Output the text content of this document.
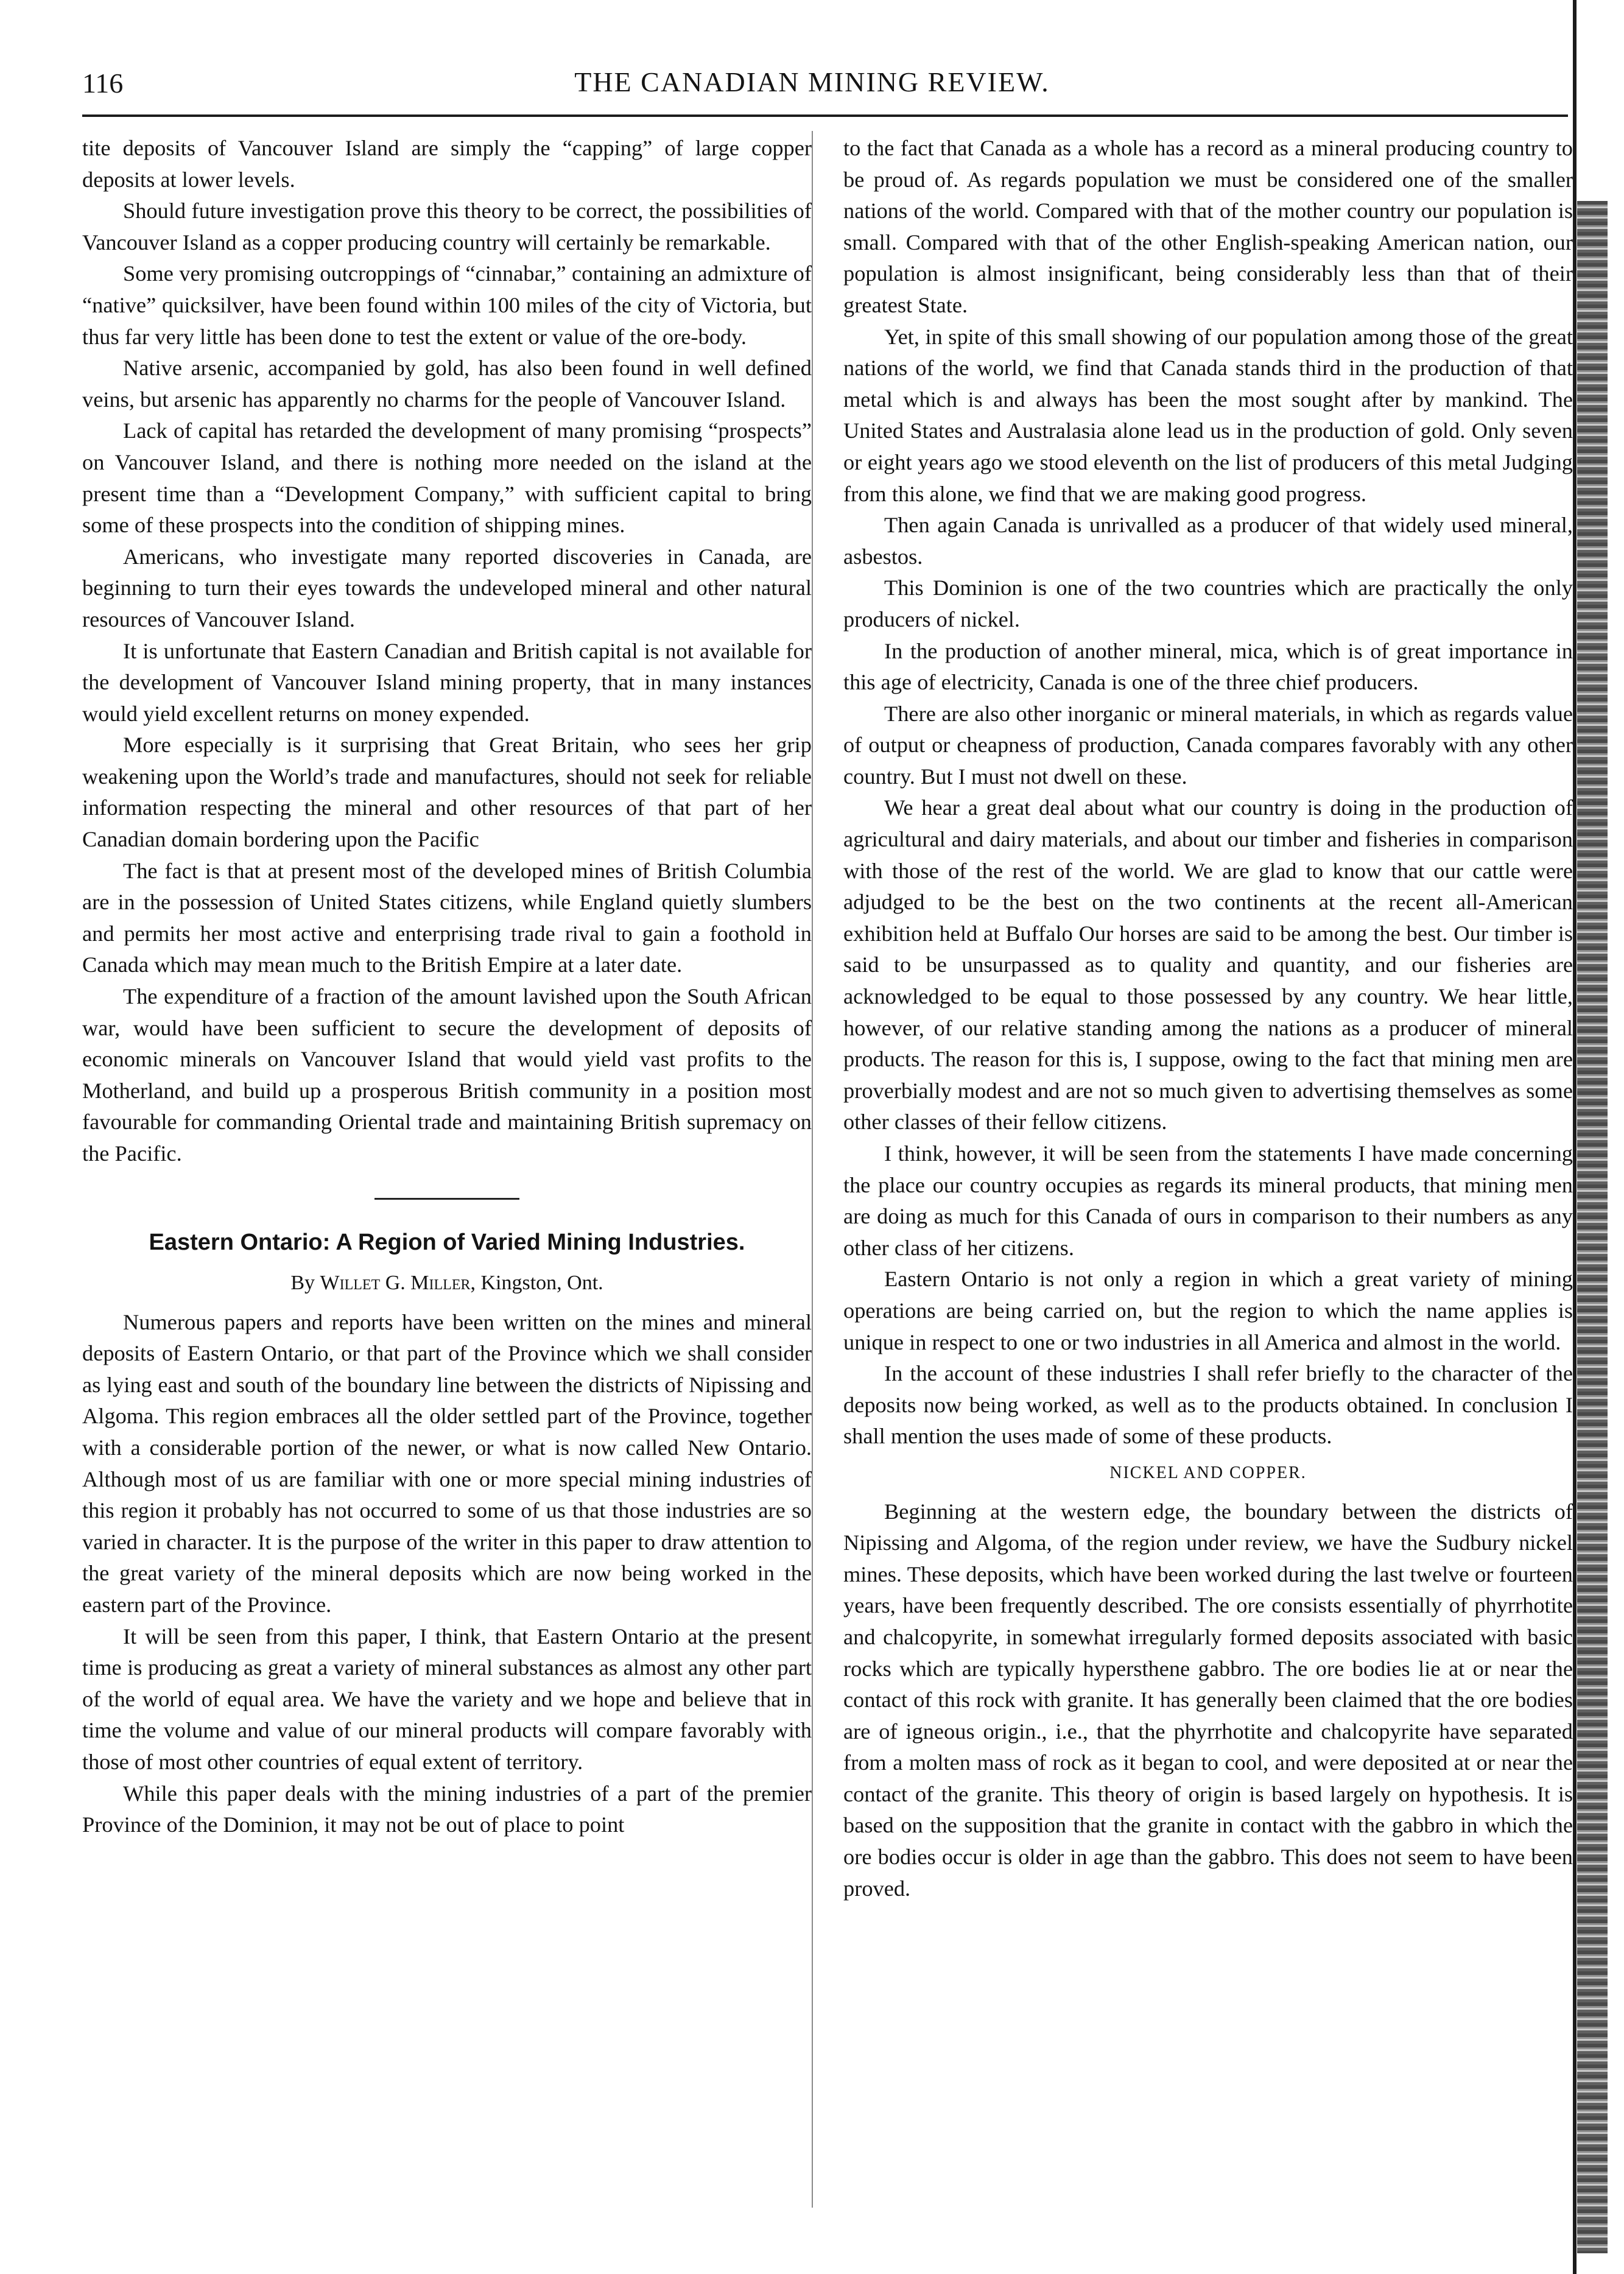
116	THE CANADIAN MINING REVIEW.

tite deposits of Vancouver Island are simply the “capping” of large copper deposits at lower levels.

Should future investigation prove this theory to be correct, the possibilities of Vancouver Island as a copper producing country will certainly be remarkable.

Some very promising outcroppings of “cinnabar,” containing an admixture of “native” quicksilver, have been found within 100 miles of the city of Victoria, but thus far very little has been done to test the extent or value of the ore-body.

Native arsenic, accompanied by gold, has also been found in well defined veins, but arsenic has apparently no charms for the people of Vancouver Island.

Lack of capital has retarded the development of many promising “prospects” on Vancouver Island, and there is nothing more needed on the island at the present time than a “Development Company,” with sufficient capital to bring some of these prospects into the condition of shipping mines.

Americans, who investigate many reported discoveries in Canada, are beginning to turn their eyes towards the undeveloped mineral and other natural resources of Vancouver Island.

It is unfortunate that Eastern Canadian and British capital is not available for the development of Vancouver Island mining property, that in many instances would yield excellent returns on money expended.

More especially is it surprising that Great Britain, who sees her grip weakening upon the World’s trade and manufactures, should not seek for reliable information respecting the mineral and other resources of that part of her Canadian domain bordering upon the Pacific

The fact is that at present most of the developed mines of British Columbia are in the possession of United States citizens, while England quietly slumbers and permits her most active and enterprising trade rival to gain a foothold in Canada which may mean much to the British Empire at a later date.

The expenditure of a fraction of the amount lavished upon the South African war, would have been sufficient to secure the development of deposits of economic minerals on Vancouver Island that would yield vast profits to the Motherland, and build up a prosperous British community in a position most favourable for commanding Oriental trade and maintaining British supremacy on the Pacific.

Eastern Ontario: A Region of Varied Mining Industries.
By Willet G. Miller, Kingston, Ont.

Numerous papers and reports have been written on the mines and mineral deposits of Eastern Ontario, or that part of the Province which we shall consider as lying east and south of the boundary line between the districts of Nipissing and Algoma. This region embraces all the older settled part of the Province, together with a considerable portion of the newer, or what is now called New Ontario. Although most of us are familiar with one or more special mining industries of this region it probably has not occurred to some of us that those industries are so varied in character. It is the purpose of the writer in this paper to draw attention to the great variety of the mineral deposits which are now being worked in the eastern part of the Province.

It will be seen from this paper, I think, that Eastern Ontario at the present time is producing as great a variety of mineral substances as almost any other part of the world of equal area. We have the variety and we hope and believe that in time the volume and value of our mineral products will compare favorably with those of most other countries of equal extent of territory.

While this paper deals with the mining industries of a part of the premier Province of the Dominion, it may not be out of place to point

to the fact that Canada as a whole has a record as a mineral producing country to be proud of. As regards population we must be considered one of the smaller nations of the world. Compared with that of the mother country our population is small. Compared with that of the other English-speaking American nation, our population is almost insignificant, being considerably less than that of their greatest State.

Yet, in spite of this small showing of our population among those of the great nations of the world, we find that Canada stands third in the production of that metal which is and always has been the most sought after by mankind. The United States and Australasia alone lead us in the production of gold. Only seven or eight years ago we stood eleventh on the list of producers of this metal Judging from this alone, we find that we are making good progress.

Then again Canada is unrivalled as a producer of that widely used mineral, asbestos.

This Dominion is one of the two countries which are practically the only producers of nickel.

In the production of another mineral, mica, which is of great importance in this age of electricity, Canada is one of the three chief producers.

There are also other inorganic or mineral materials, in which as regards value of output or cheapness of production, Canada compares favorably with any other country. But I must not dwell on these.

We hear a great deal about what our country is doing in the production of agricultural and dairy materials, and about our timber and fisheries in comparison with those of the rest of the world. We are glad to know that our cattle were adjudged to be the best on the two continents at the recent all-American exhibition held at Buffalo Our horses are said to be among the best. Our timber is said to be unsurpassed as to quality and quantity, and our fisheries are acknowledged to be equal to those possessed by any country. We hear little, however, of our relative standing among the nations as a producer of mineral products. The reason for this is, I suppose, owing to the fact that mining men are proverbially modest and are not so much given to advertising themselves as some other classes of their fellow citizens.

I think, however, it will be seen from the statements I have made concerning the place our country occupies as regards its mineral products, that mining men are doing as much for this Canada of ours in comparison to their numbers as any other class of her citizens.

Eastern Ontario is not only a region in which a great variety of mining operations are being carried on, but the region to which the name applies is unique in respect to one or two industries in all America and almost in the world.

In the account of these industries I shall refer briefly to the character of the deposits now being worked, as well as to the products obtained. In conclusion I shall mention the uses made of some of these products.

NICKEL AND COPPER.

Beginning at the western edge, the boundary between the districts of Nipissing and Algoma, of the region under review, we have the Sudbury nickel mines. These deposits, which have been worked during the last twelve or fourteen years, have been frequently described. The ore consists essentially of phyrrhotite and chalcopyrite, in somewhat irregularly formed deposits associated with basic rocks which are typically hypersthene gabbro. The ore bodies lie at or near the contact of this rock with granite. It has generally been claimed that the ore bodies are of igneous origin., i.e., that the phyrrhotite and chalcopyrite have separated from a molten mass of rock as it began to cool, and were deposited at or near the contact of the granite. This theory of origin is based largely on hypothesis. It is based on the supposition that the granite in contact with the gabbro in which the ore bodies occur is older in age than the gabbro. This does not seem to have been proved.
